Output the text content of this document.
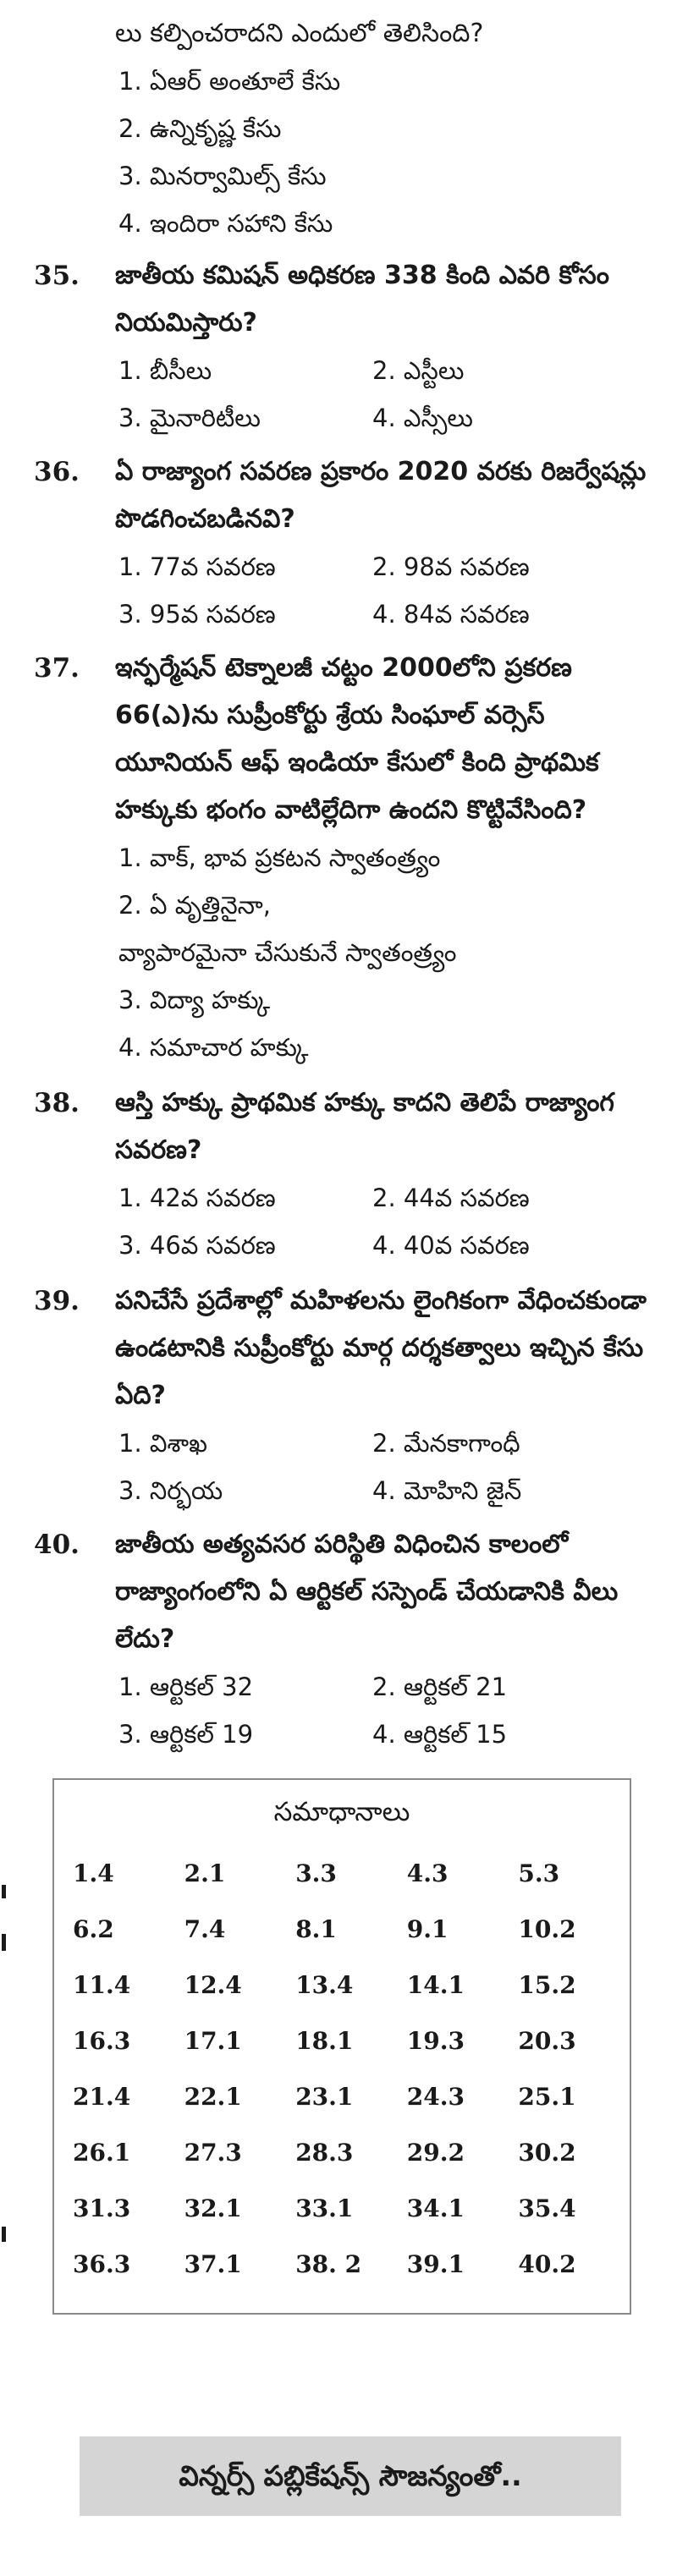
లు కల్పించరాదని ఎందులో తెలిసింది?
1. ఏఆర్ అంతూలే కేసు
2. ఉన్నికృష్ణ కేసు
3. మినర్వామిల్స్ కేసు
4. ఇందిరా సహాని కేసు
35.	జాతీయ కమిషన్ అధికరణ 338 కింది ఎవరి కోసం నియమిస్తారు?
1. బీసీలు	2. ఎస్టీలు
3. మైనారిటీలు	4. ఎస్సీలు
36.	ఏ రాజ్యాంగ సవరణ ప్రకారం 2020 వరకు రిజర్వేషన్లు పొడగించబడినవి?
1. 77వ సవరణ	2. 98వ సవరణ
3. 95వ సవరణ	4. 84వ సవరణ
37.	ఇన్ఫర్మేషన్ టెక్నాలజీ చట్టం 2000లోని ప్రకరణ 66(ఎ)ను సుప్రీంకోర్టు శ్రేయ సింఘాల్ వర్సెస్ యూనియన్ ఆఫ్ ఇండియా కేసులో కింది ప్రాథమిక హక్కుకు భంగం వాటిల్లేదిగా ఉందని కొట్టివేసింది?
1. వాక్, భావ ప్రకటన స్వాతంత్ర్యం
2. ఏ వృత్తినైనా,
వ్యాపారమైనా చేసుకునే స్వాతంత్ర్యం
3. విద్యా హక్కు
4. సమాచార హక్కు
38.	ఆస్తి హక్కు ప్రాథమిక హక్కు కాదని తెలిపే రాజ్యాంగ సవరణ?
1. 42వ సవరణ	2. 44వ సవరణ
3. 46వ సవరణ	4. 40వ సవరణ
39.	పనిచేసే ప్రదేశాల్లో మహిళలను లైంగికంగా వేధించకుండా ఉండటానికి సుప్రీంకోర్టు మార్గ దర్శకత్వాలు ఇచ్చిన కేసు ఏది?
1. విశాఖ	2. మేనకాగాంధీ
3. నిర్భయ	4. మోహిని జైన్
40.	జాతీయ అత్యవసర పరిస్థితి విధించిన కాలంలో రాజ్యాంగంలోని ఏ ఆర్టికల్ సస్పెండ్ చేయడానికి వీలు లేదు?
1. ఆర్టికల్ 32	2. ఆర్టికల్ 21
3. ఆర్టికల్ 19	4. ఆర్టికల్ 15
సమాధానాలు
1.4	2.1	3.3	4.3	5.3
6.2	7.4	8.1	9.1	10.2
11.4	12.4	13.4	14.1	15.2
16.3	17.1	18.1	19.3	20.3
21.4	22.1	23.1	24.3	25.1
26.1	27.3	28.3	29.2	30.2
31.3	32.1	33.1	34.1	35.4
36.3	37.1	38. 2	39.1	40.2
విన్నర్స్ పబ్లికేషన్స్ సౌజన్యంతో..
